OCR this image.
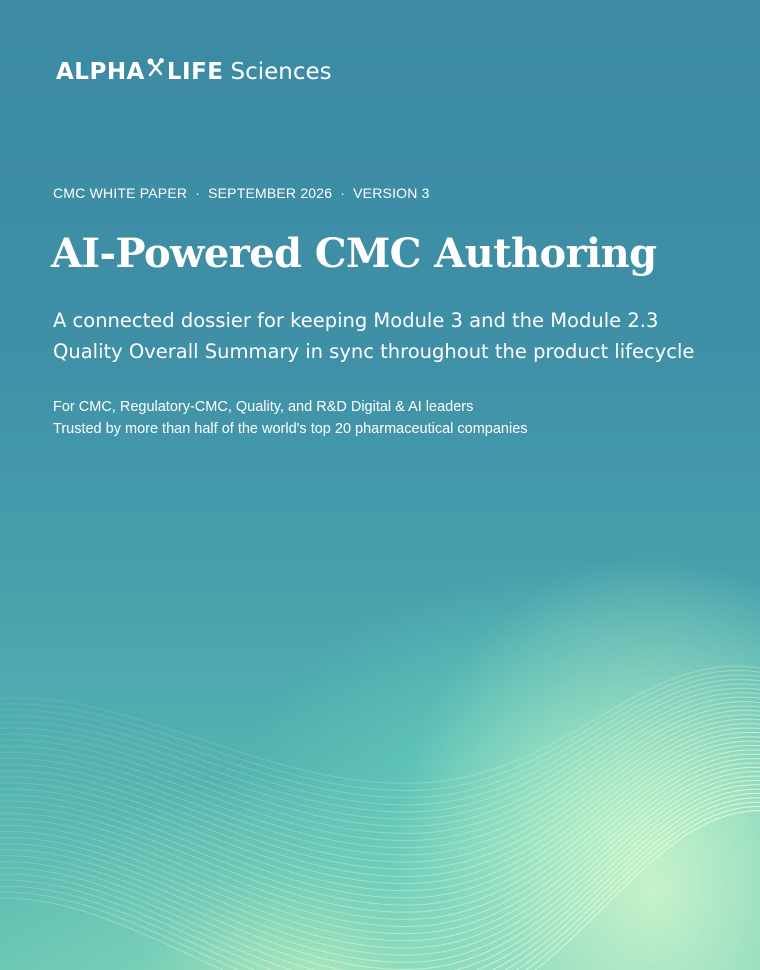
ALPHA LIFE Sciences
CMC WHITE PAPER · SEPTEMBER 2026 · VERSION 3
AI-Powered CMC Authoring
A connected dossier for keeping Module 3 and the Module 2.3
Quality Overall Summary in sync throughout the product lifecycle
For CMC, Regulatory-CMC, Quality, and R&D Digital & AI leaders
Trusted by more than half of the world's top 20 pharmaceutical companies
